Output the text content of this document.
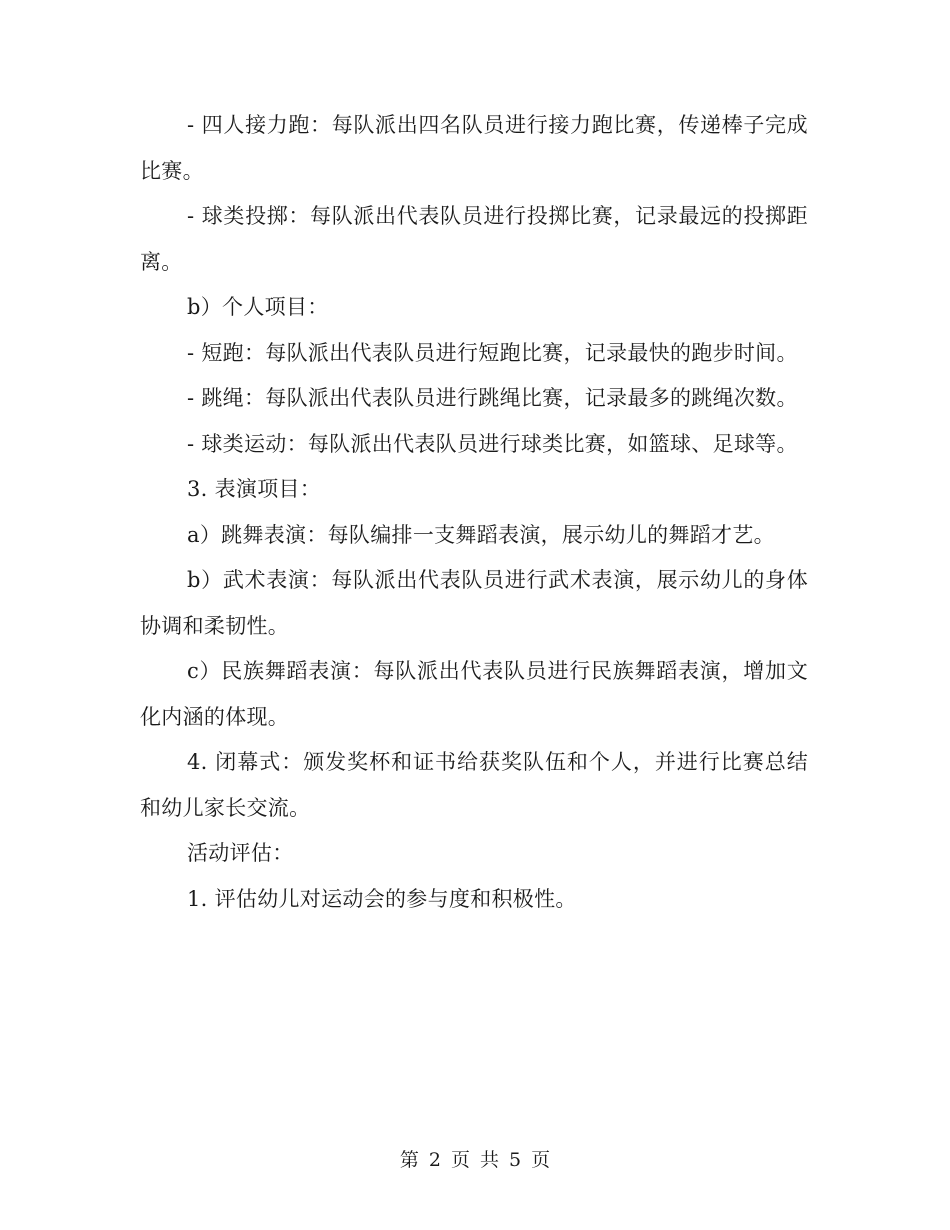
- 四人接力跑：每队派出四名队员进行接力跑比赛，传递棒子完成比赛。

- 球类投掷：每队派出代表队员进行投掷比赛，记录最远的投掷距离。

b）个人项目：

- 短跑：每队派出代表队员进行短跑比赛，记录最快的跑步时间。

- 跳绳：每队派出代表队员进行跳绳比赛，记录最多的跳绳次数。

- 球类运动：每队派出代表队员进行球类比赛，如篮球、足球等。

3. 表演项目：

a）跳舞表演：每队编排一支舞蹈表演，展示幼儿的舞蹈才艺。

b）武术表演：每队派出代表队员进行武术表演，展示幼儿的身体协调和柔韧性。

c）民族舞蹈表演：每队派出代表队员进行民族舞蹈表演，增加文化内涵的体现。

4. 闭幕式：颁发奖杯和证书给获奖队伍和个人，并进行比赛总结和幼儿家长交流。

活动评估：

1. 评估幼儿对运动会的参与度和积极性。

第 2 页 共 5 页
